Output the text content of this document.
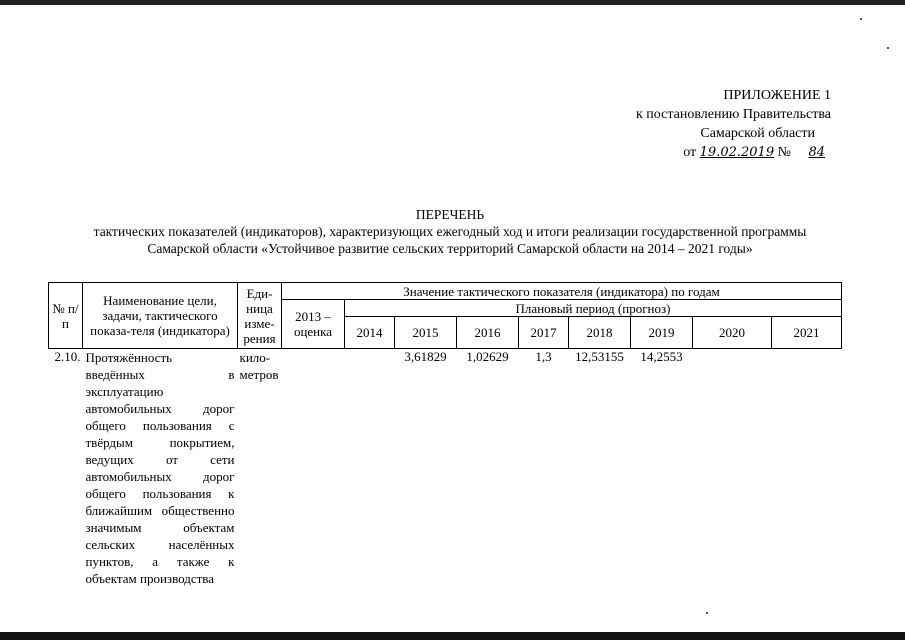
ПРИЛОЖЕНИЕ 1
к постановлению Правительства
Самарской области
от 19.02.2019 № 84
ПЕРЕЧЕНЬ
тактических показателей (индикаторов), характеризующих ежегодный ход и итоги реализации государственной программы
Самарской области «Устойчивое развитие сельских территорий Самарской области на 2014 – 2021 годы»
№ п/п	Наименование цели, задачи, тактического показа-теля (индикатора)	Еди-ница изме-рения	Значение тактического показателя (индикатора) по годам								
			2013 – оценка	Плановый период (прогноз)							
				2014	2015	2016	2017	2018	2019	2020	2021
2.10.	Протяжённость введённых в эксплуатацию автомобильных дорог общего пользования с твёрдым покрытием, ведущих от сети автомобильных дорог общего пользования к ближайшим общественно значимым объектам сельских населённых пунктов, а также к объектам производства	кило-метров			3,61829	1,02629	1,3	12,53155	14,2553		
